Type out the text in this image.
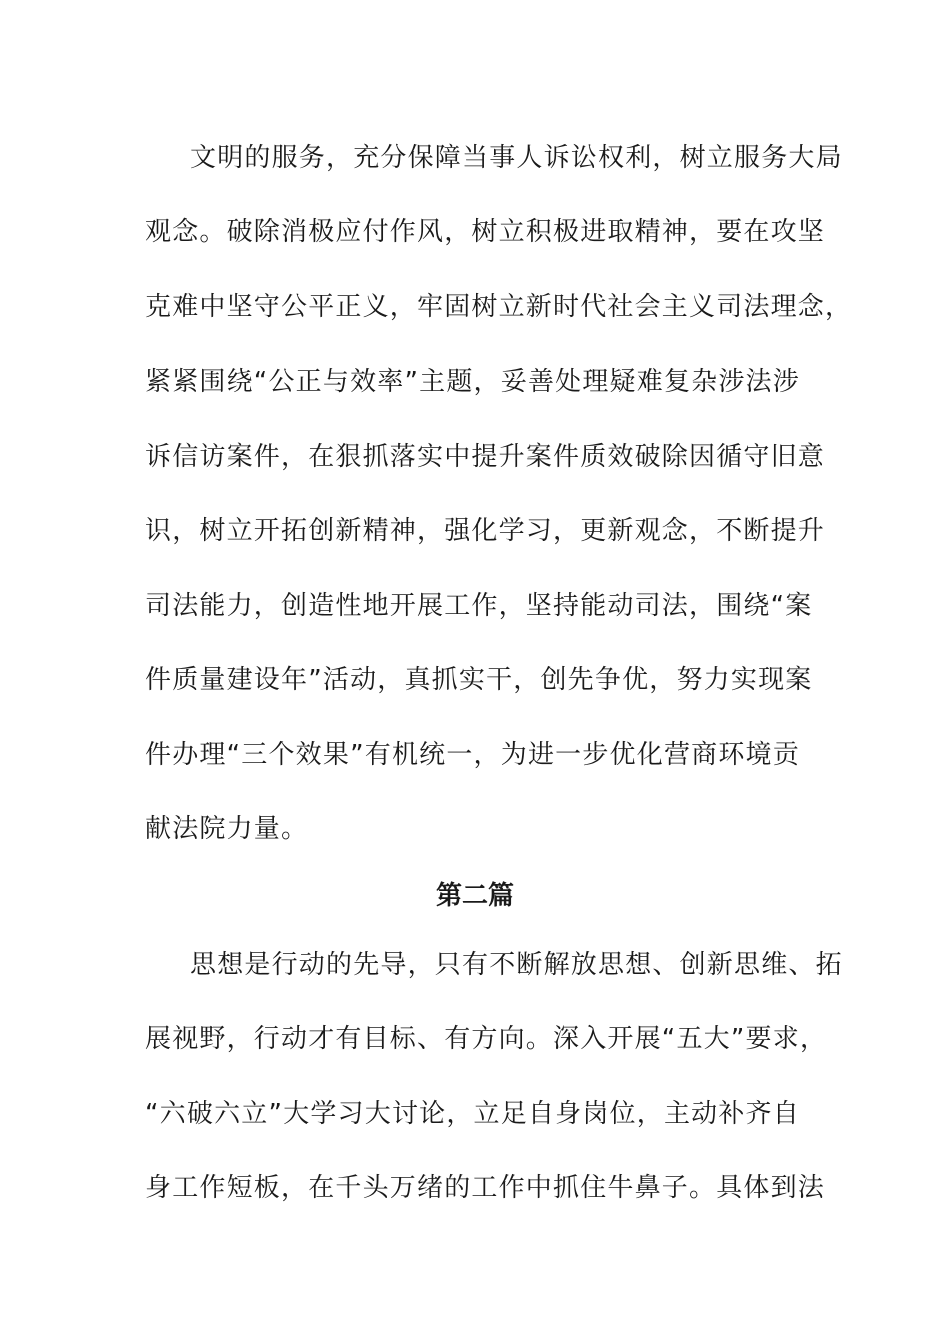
文明的服务，充分保障当事人诉讼权利，树立服务大局

观念。破除消极应付作风，树立积极进取精神，要在攻坚

克难中坚守公平正义，牢固树立新时代社会主义司法理念，

紧紧围绕“公正与效率”主题，妥善处理疑难复杂涉法涉

诉信访案件，在狠抓落实中提升案件质效破除因循守旧意

识，树立开拓创新精神，强化学习，更新观念，不断提升

司法能力，创造性地开展工作，坚持能动司法，围绕“案

件质量建设年”活动，真抓实干，创先争优，努力实现案

件办理“三个效果”有机统一，为进一步优化营商环境贡

献法院力量。

第二篇

思想是行动的先导，只有不断解放思想、创新思维、拓

展视野，行动才有目标、有方向。深入开展“五大”要求，

“六破六立”大学习大讨论，立足自身岗位，主动补齐自

身工作短板，在千头万绪的工作中抓住牛鼻子。具体到法
